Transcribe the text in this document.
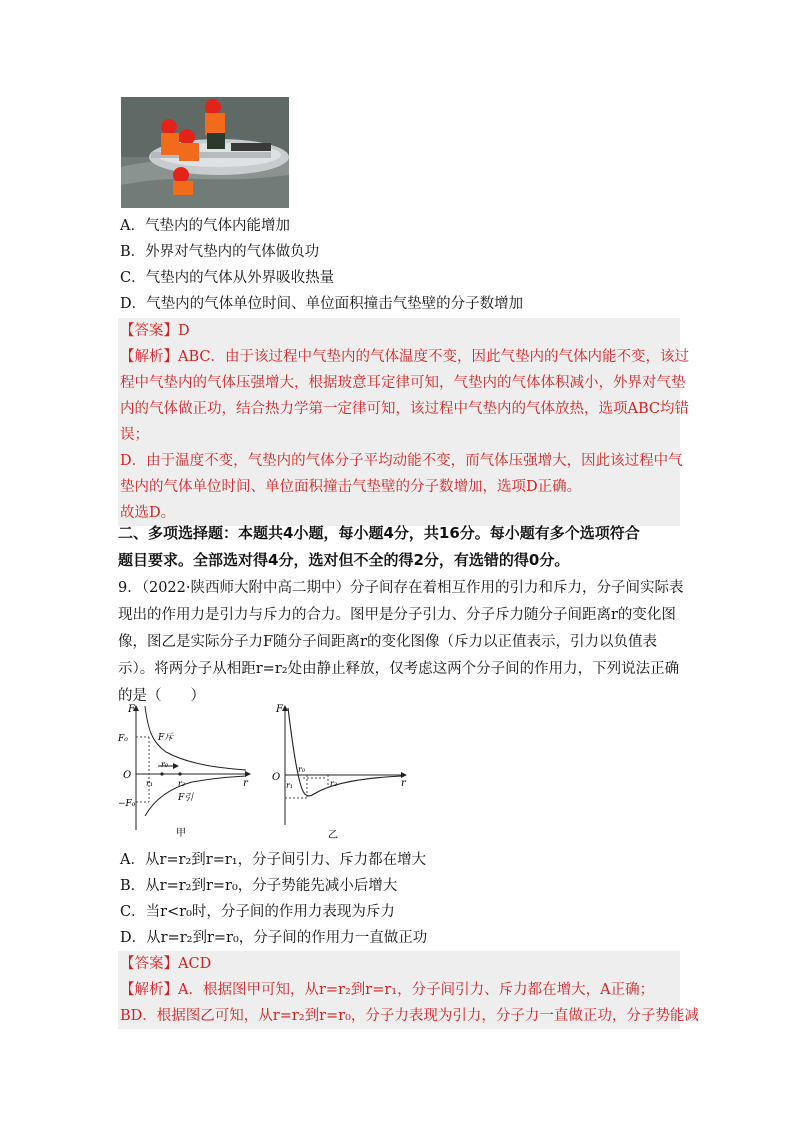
A．气垫内的气体内能增加
B．外界对气垫内的气体做负功
C．气垫内的气体从外界吸收热量
D．气垫内的气体单位时间、单位面积撞击气垫壁的分子数增加
【答案】D
【解析】ABC．由于该过程中气垫内的气体温度不变，因此气垫内的气体内能不变，该过
程中气垫内的气体压强增大，根据玻意耳定律可知，气垫内的气体体积减小，外界对气垫
内的气体做正功，结合热力学第一定律可知，该过程中气垫内的气体放热，选项ABC均错
误；
D．由于温度不变，气垫内的气体分子平均动能不变，而气体压强增大，因此该过程中气
垫内的气体单位时间、单位面积撞击气垫壁的分子数增加，选项D正确。
故选D。
二、多项选择题：本题共4小题，每小题4分，共16分。每小题有多个选项符合
题目要求。全部选对得4分，选对但不全的得2分，有选错的得0分。
9．（2022·陕西师大附中高二期中）分子间存在着相互作用的引力和斥力，分子间实际表
现出的作用力是引力与斥力的合力。图甲是分子引力、分子斥力随分子间距离r的变化图
像，图乙是实际分子力F随分子间距离r的变化图像（斥力以正值表示，引力以负值表
示）。将两分子从相距r=r₂处由静止释放，仅考虑这两个分子间的作用力，下列说法正确
的是（　　）
F
F₀
−F₀
F斥
F引
O
r₀
r₁	r₂	r
甲
F
O
r₀
r₁	r₂	r
乙
A．从r=r₂到r=r₁，分子间引力、斥力都在增大
B．从r=r₂到r=r₀，分子势能先减小后增大
C．当r<r₀时，分子间的作用力表现为斥力
D．从r=r₂到r=r₀，分子间的作用力一直做正功
【答案】ACD
【解析】A．根据图甲可知，从r=r₂到r=r₁，分子间引力、斥力都在增大，A正确；
BD．根据图乙可知，从r=r₂到r=r₀，分子力表现为引力，分子力一直做正功，分子势能减
